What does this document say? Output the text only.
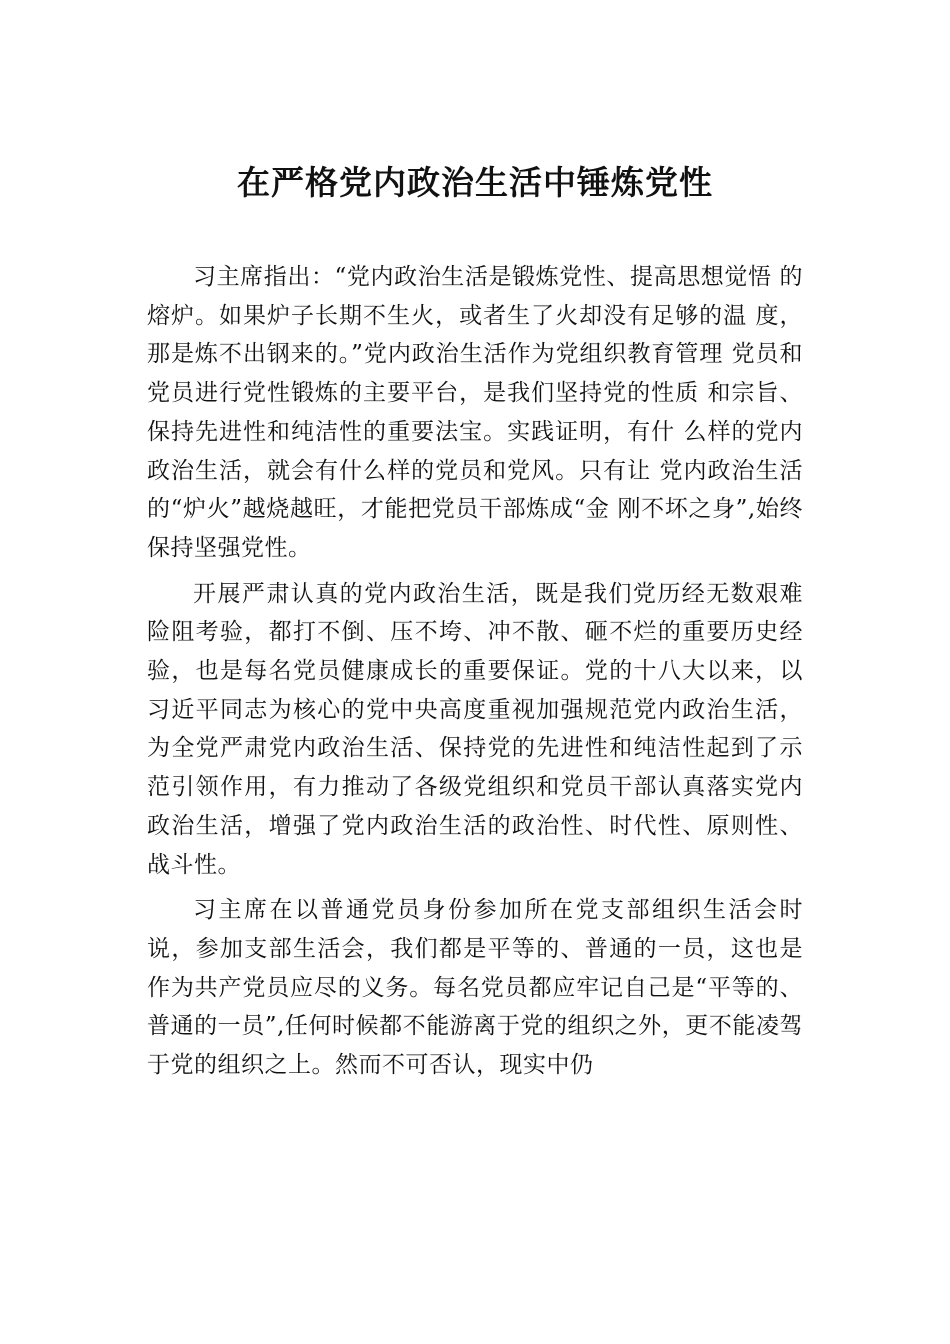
在严格党内政治生活中锤炼党性

习主席指出：“党内政治生活是锻炼党性、提高思想觉悟 的熔炉。如果炉子长期不生火，或者生了火却没有足够的温 度，那是炼不出钢来的。”党内政治生活作为党组织教育管理 党员和党员进行党性锻炼的主要平台，是我们坚持党的性质 和宗旨、保持先进性和纯洁性的重要法宝。实践证明，有什 么样的党内政治生活，就会有什么样的党员和党风。只有让 党内政治生活的“炉火”越烧越旺，才能把党员干部炼成“金 刚不坏之身”,始终保持坚强党性。

开展严肃认真的党内政治生活，既是我们党历经无数艰难险阻考验，都打不倒、压不垮、冲不散、砸不烂的重要历史经验，也是每名党员健康成长的重要保证。党的十八大以来，以习近平同志为核心的党中央高度重视加强规范党内政治生活，为全党严肃党内政治生活、保持党的先进性和纯洁性起到了示范引领作用，有力推动了各级党组织和党员干部认真落实党内政治生活，增强了党内政治生活的政治性、时代性、原则性、战斗性。

习主席在以普通党员身份参加所在党支部组织生活会时说，参加支部生活会，我们都是平等的、普通的一员，这也是作为共产党员应尽的义务。每名党员都应牢记自己是“平等的、普通的一员”,任何时候都不能游离于党的组织之外，更不能凌驾于党的组织之上。然而不可否认，现实中仍
